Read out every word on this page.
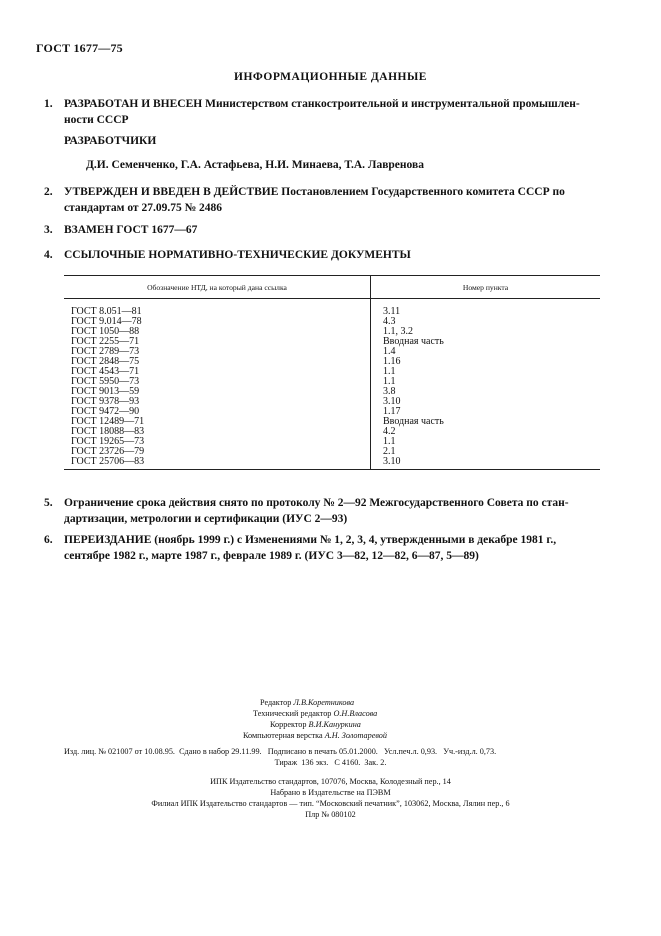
ГОСТ 1677—75
ИНФОРМАЦИОННЫЕ ДАННЫЕ
1. РАЗРАБОТАН И ВНЕСЕН Министерством станкостроительной и инструментальной промышлен-
ности СССР
РАЗРАБОТЧИКИ
Д.И. Семенченко, Г.А. Астафьева, Н.И. Минаева, Т.А. Лавренова
2. УТВЕРЖДЕН И ВВЕДЕН В ДЕЙСТВИЕ Постановлением Государственного комитета СССР по
стандартам от 27.09.75 № 2486
3. ВЗАМЕН ГОСТ 1677—67
4. ССЫЛОЧНЫЕ НОРМАТИВНО-ТЕХНИЧЕСКИЕ ДОКУМЕНТЫ
Обозначение НТД, на который дана ссылка	Номер пункта
ГОСТ 8.051—81	3.11
ГОСТ 9.014—78	4.3
ГОСТ 1050—88	1.1, 3.2
ГОСТ 2255—71	Вводная часть
ГОСТ 2789—73	1.4
ГОСТ 2848—75	1.16
ГОСТ 4543—71	1.1
ГОСТ 5950—73	1.1
ГОСТ 9013—59	3.8
ГОСТ 9378—93	3.10
ГОСТ 9472—90	1.17
ГОСТ 12489—71	Вводная часть
ГОСТ 18088—83	4.2
ГОСТ 19265—73	1.1
ГОСТ 23726—79	2.1
ГОСТ 25706—83	3.10
5. Ограничение срока действия снято по протоколу № 2—92 Межгосударственного Совета по стан-
дартизации, метрологии и сертификации (ИУС 2—93)
6. ПЕРЕИЗДАНИЕ (ноябрь 1999 г.) с Изменениями № 1, 2, 3, 4, утвержденными в декабре 1981 г.,
сентябре 1982 г., марте 1987 г., феврале 1989 г. (ИУС 3—82, 12—82, 6—87, 5—89)
Редактор Л.В.Коретникова
Технический редактор О.Н.Власова
Корректор В.И.Кануркина
Компьютерная верстка А.Н. Золотаревой
Изд. лиц. № 021007 от 10.08.95.  Сдано в набор 29.11.99.   Подписано в печать 05.01.2000.   Усл.печ.л. 0,93.   Уч.-изд.л. 0,73.
Тираж  136 экз.   С 4160.  Зак. 2.
ИПК Издательство стандартов, 107076, Москва, Колодезный пер., 14
Набрано в Издательстве на ПЭВМ
Филиал ИПК Издательство стандартов — тип. “Московский печатник”, 103062, Москва, Лялин пер., 6
Плр № 080102
